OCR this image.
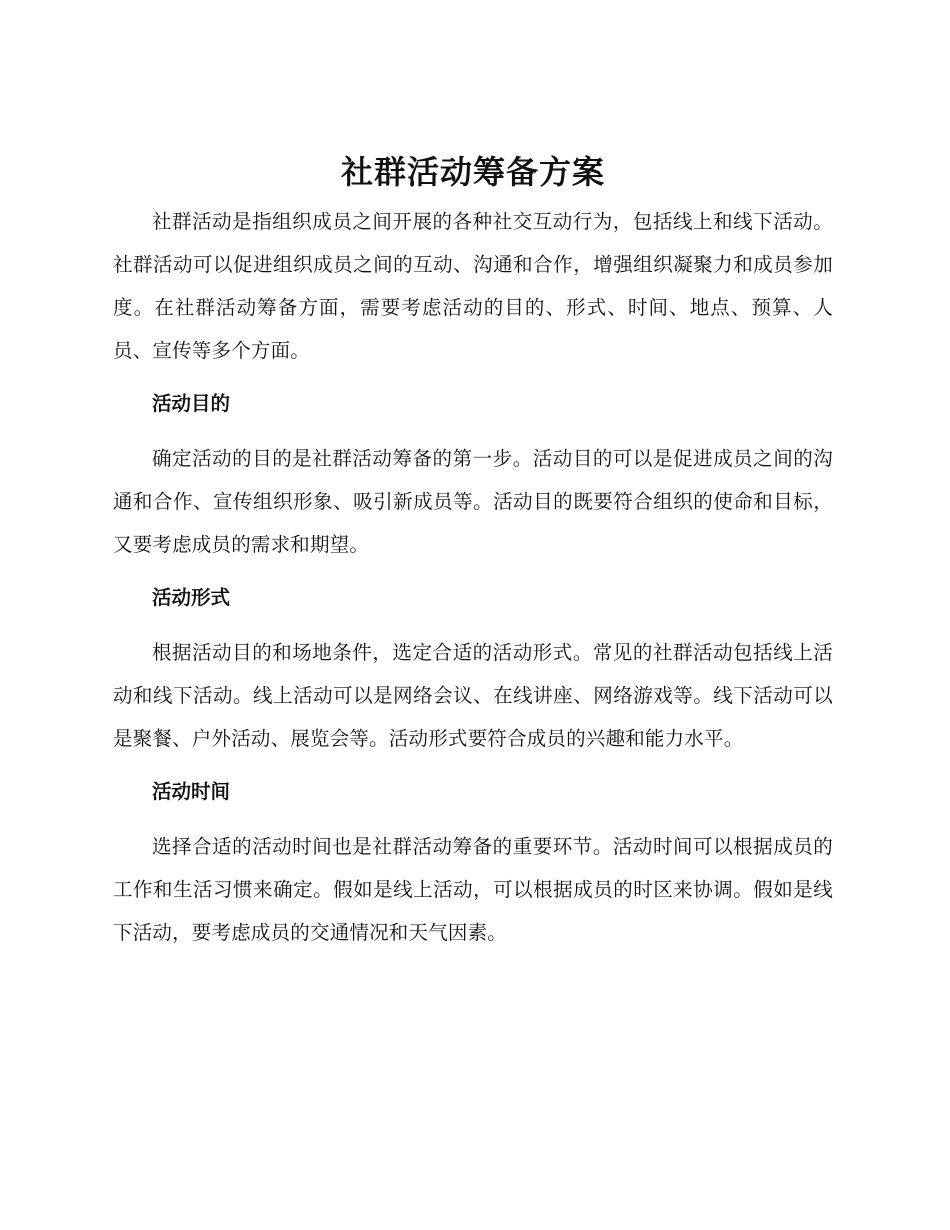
社群活动筹备方案

社群活动是指组织成员之间开展的各种社交互动行为，包括线上和线下活动。社群活动可以促进组织成员之间的互动、沟通和合作，增强组织凝聚力和成员参加度。在社群活动筹备方面，需要考虑活动的目的、形式、时间、地点、预算、人员、宣传等多个方面。

活动目的

确定活动的目的是社群活动筹备的第一步。活动目的可以是促进成员之间的沟通和合作、宣传组织形象、吸引新成员等。活动目的既要符合组织的使命和目标，又要考虑成员的需求和期望。

活动形式

根据活动目的和场地条件，选定合适的活动形式。常见的社群活动包括线上活动和线下活动。线上活动可以是网络会议、在线讲座、网络游戏等。线下活动可以是聚餐、户外活动、展览会等。活动形式要符合成员的兴趣和能力水平。

活动时间

选择合适的活动时间也是社群活动筹备的重要环节。活动时间可以根据成员的工作和生活习惯来确定。假如是线上活动，可以根据成员的时区来协调。假如是线下活动，要考虑成员的交通情况和天气因素。
